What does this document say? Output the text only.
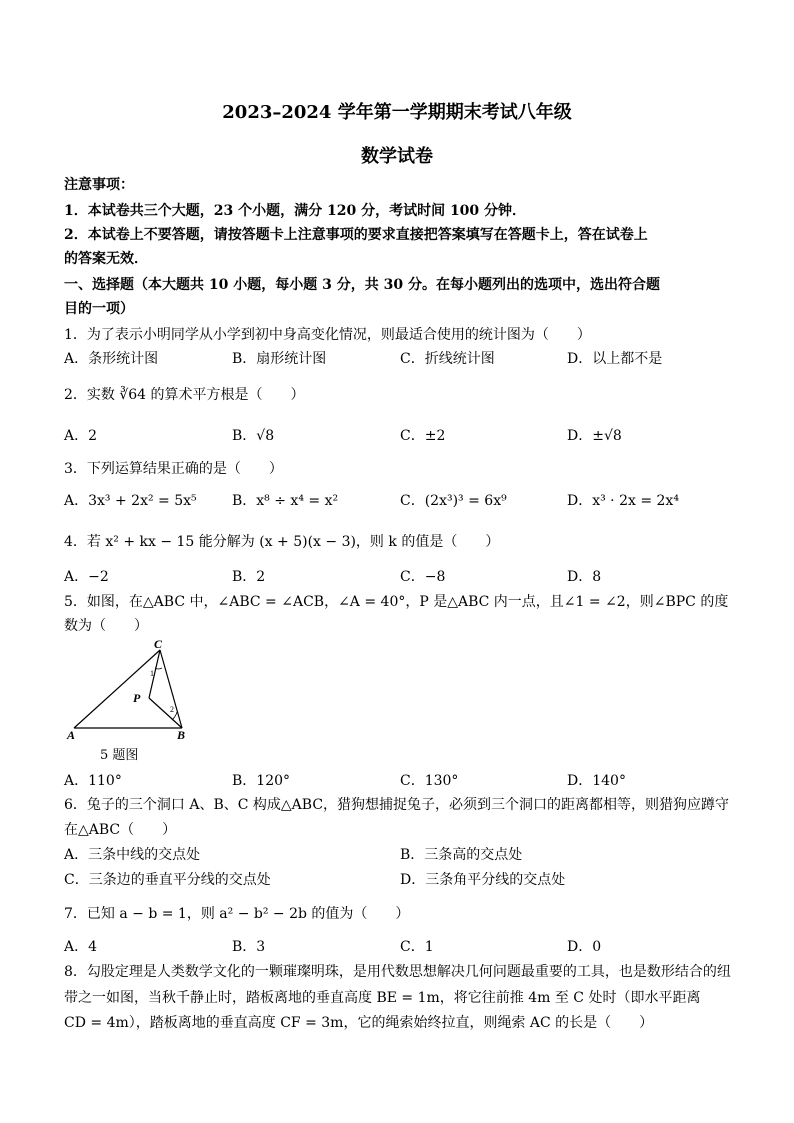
2023–2024 学年第一学期期末考试八年级
数学试卷
注意事项：
1．本试卷共三个大题，23 个小题，满分 120 分，考试时间 100 分钟．
2．本试卷上不要答题，请按答题卡上注意事项的要求直接把答案填写在答题卡上，答在试卷上
的答案无效．
一、选择题（本大题共 10 小题，每小题 3 分，共 30 分。在每小题列出的选项中，选出符合题
目的一项）
1．为了表示小明同学从小学到初中身高变化情况，则最适合使用的统计图为（　　）
A．条形统计图	B．扇形统计图	C．折线统计图	D．以上都不是
2．实数 ∛64 的算术平方根是（　　）
A．2	B．√8	C．±2	D．±√8
3．下列运算结果正确的是（　　）
A．3x³ + 2x² = 5x⁵	B．x⁸ ÷ x⁴ = x²	C．(2x³)³ = 6x⁹	D．x³ · 2x = 2x⁴
4．若 x² + kx − 15 能分解为 (x + 5)(x − 3)，则 k 的值是（　　）
A．−2	B．2	C．−8	D．8
5．如图，在△ABC 中，∠ABC = ∠ACB，∠A = 40°，P 是△ABC 内一点，且∠1 = ∠2，则∠BPC 的度
数为（　　）
C
P
A	B
1
2
5 题图
A．110°	B．120°	C．130°	D．140°
6．兔子的三个洞口 A、B、C 构成△ABC，猎狗想捕捉兔子，必须到三个洞口的距离都相等，则猎狗应蹲守
在△ABC（　　）
A．三条中线的交点处	B．三条高的交点处
C．三条边的垂直平分线的交点处	D．三条角平分线的交点处
7．已知 a − b = 1，则 a² − b² − 2b 的值为（　　）
A．4	B．3	C．1	D．0
8．勾股定理是人类数学文化的一颗璀璨明珠，是用代数思想解决几何问题最重要的工具，也是数形结合的纽
带之一如图，当秋千静止时，踏板离地的垂直高度 BE = 1m，将它往前推 4m 至 C 处时（即水平距离
CD = 4m），踏板离地的垂直高度 CF = 3m，它的绳索始终拉直，则绳索 AC 的长是（　　）
